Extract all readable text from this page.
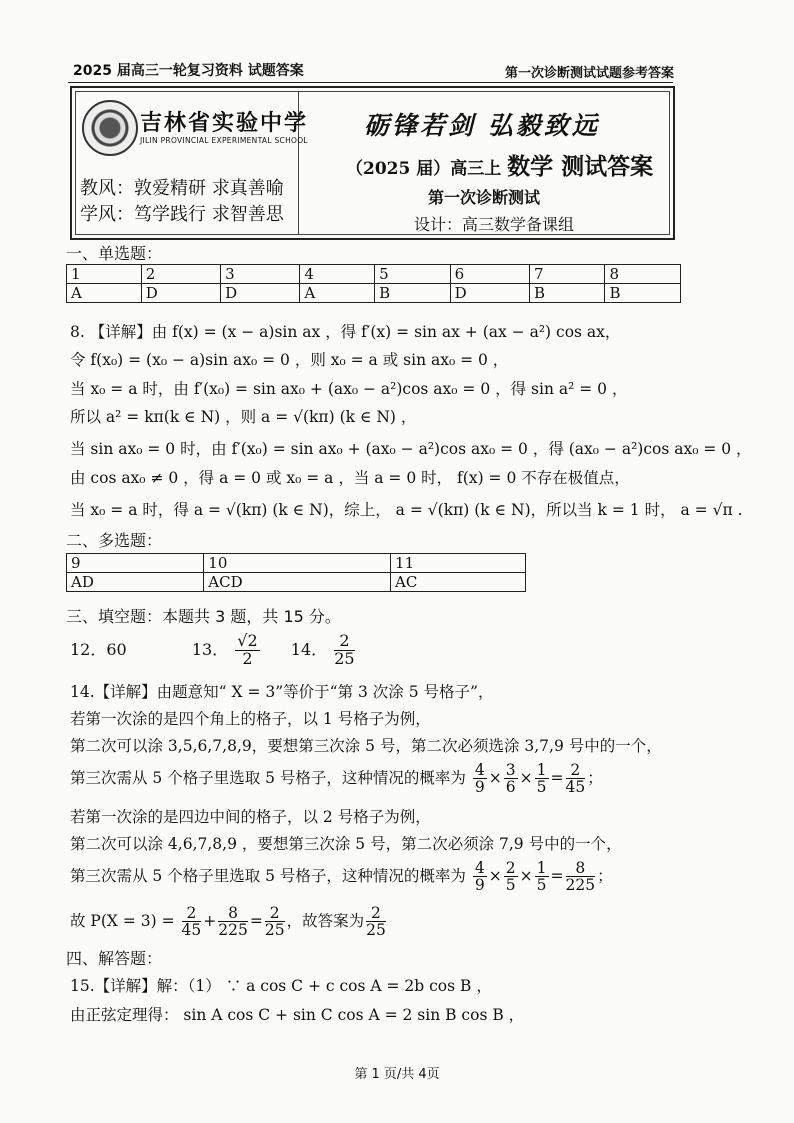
2025 届高三一轮复习资料 试题答案	第一次诊断测试试题参考答案
吉林省实验中学
JILIN PROVINCIAL EXPERIMENTAL SCHOOL
教风：敦爱精研 求真善喻
学风：笃学践行 求智善思
砺锋若剑 弘毅致远
（2025 届）高三上 数学 测试答案
第一次诊断测试
设计：高三数学备课组
一、单选题：
1	2	3	4	5	6	7	8
A	D	D	A	B	D	B	B
8. 【详解】由 f(x) = (x − a)sin ax ，得 f′(x) = sin ax + (ax − a²) cos ax，
令 f(x₀) = (x₀ − a)sin ax₀ = 0 ，则 x₀ = a 或 sin ax₀ = 0 ，
当 x₀ = a 时，由 f′(x₀) = sin ax₀ + (ax₀ − a²)cos ax₀ = 0 ，得 sin a² = 0 ，
所以 a² = kπ(k ∈ N) ，则 a = √(kπ) (k ∈ N) ，
当 sin ax₀ = 0 时，由 f′(x₀) = sin ax₀ + (ax₀ − a²)cos ax₀ = 0 ，得 (ax₀ − a²)cos ax₀ = 0 ，
由 cos ax₀ ≠ 0 ，得 a = 0 或 x₀ = a ，当 a = 0 时， f(x) = 0 不存在极值点，
当 x₀ = a 时，得 a = √(kπ) (k ∈ N)，综上， a = √(kπ) (k ∈ N)，所以当 k = 1 时， a = √π .
二、多选题：
9	10	11
AD	ACD	AC
三、填空题：本题共 3 题，共 15 分。
12．60	13． $\frac{√2}{2} 14$． $\frac{2}{25}$
14.【详解】由题意知“ X = 3”等价于“第 3 次涂 5 号格子”，
若第一次涂的是四个角上的格子，以 1 号格子为例，
第二次可以涂 3,5,6,7,8,9，要想第三次涂 5 号，第二次必须选涂 3,7,9 号中的一个，
第三次需从 5 个格子里选取 5 号格子，这种情况的概率为 $\frac{4}{9} \times \frac{3}{6} \times \frac{1}{5} = \frac{2}{45}$ ；
若第一次涂的是四边中间的格子，以 2 号格子为例，
第二次可以涂 4,6,7,8,9 ，要想第三次涂 5 号，第二次必须涂 7,9 号中的一个，
第三次需从 5 个格子里选取 5 号格子，这种情况的概率为 $\frac{4}{9} \times \frac{2}{5} \times \frac{1}{5} = \frac{8}{225}$ ；
故 $P(X = 3) = \frac{2}{45} + \frac{8}{225} = \frac{2}{25}$ ，故答案为 $\frac{2}{25}$
四、解答题：
15.【详解】解：（1） ∵ a cos C + c cos A = 2b cos B ，
由正弦定理得： sin A cos C + sin C cos A = 2 sin B cos B ，
第 1 页/共 4页
